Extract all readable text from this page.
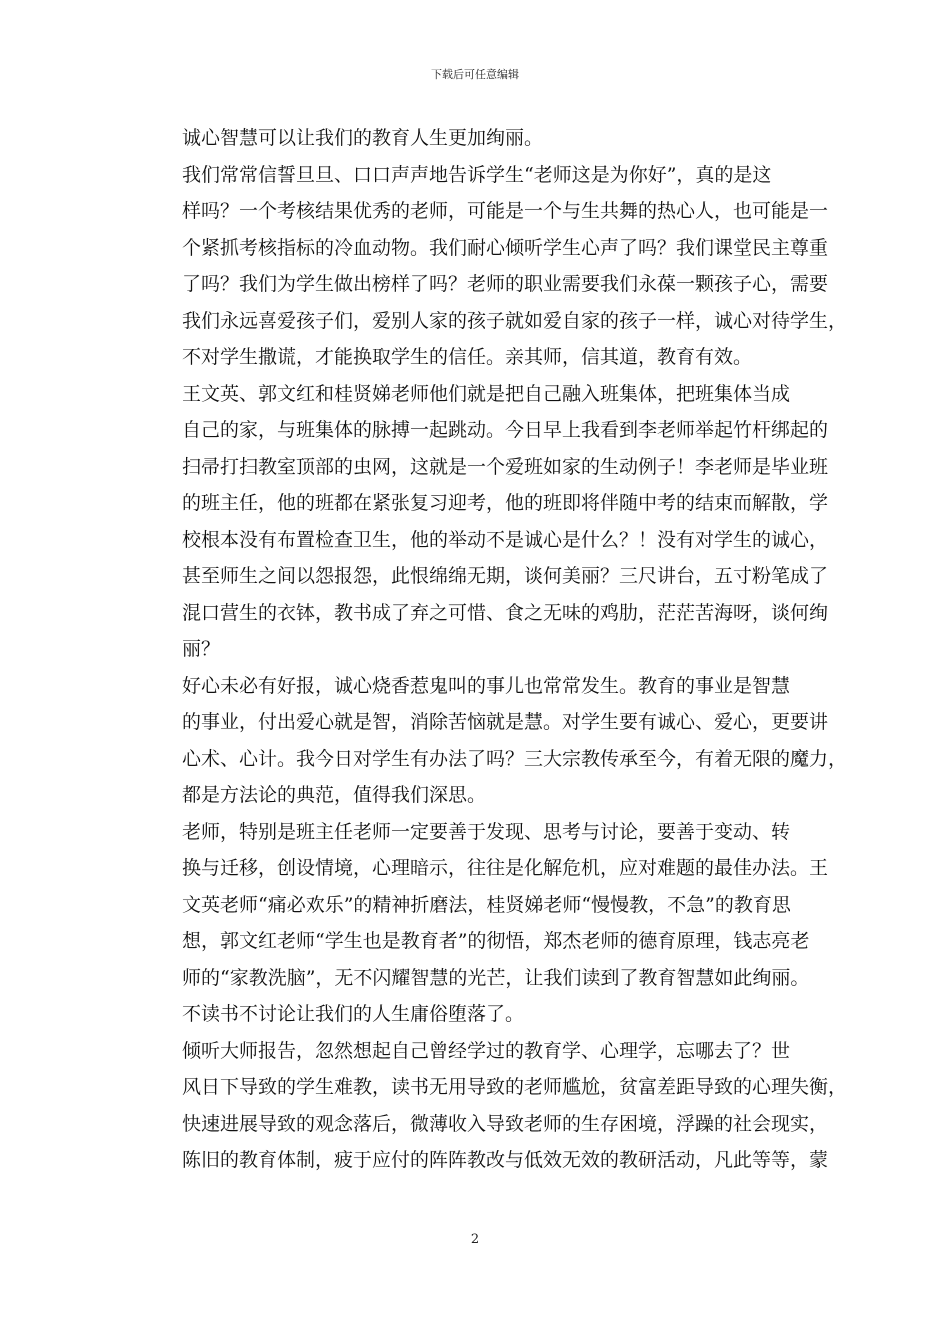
下载后可任意编辑

诚心智慧可以让我们的教育人生更加绚丽。

我们常常信誓旦旦、口口声声地告诉学生“老师这是为你好”，真的是这
样吗？一个考核结果优秀的老师，可能是一个与生共舞的热心人，也可能是一
个紧抓考核指标的冷血动物。我们耐心倾听学生心声了吗？我们课堂民主尊重
了吗？我们为学生做出榜样了吗？老师的职业需要我们永葆一颗孩子心，需要
我们永远喜爱孩子们，爱别人家的孩子就如爱自家的孩子一样，诚心对待学生，
不对学生撒谎，才能换取学生的信任。亲其师，信其道，教育有效。

王文英、郭文红和桂贤娣老师他们就是把自己融入班集体，把班集体当成
自己的家，与班集体的脉搏一起跳动。今日早上我看到李老师举起竹杆绑起的
扫帚打扫教室顶部的虫网，这就是一个爱班如家的生动例子！李老师是毕业班
的班主任，他的班都在紧张复习迎考，他的班即将伴随中考的结束而解散，学
校根本没有布置检查卫生，他的举动不是诚心是什么？！没有对学生的诚心，
甚至师生之间以怨报怨，此恨绵绵无期，谈何美丽？三尺讲台，五寸粉笔成了
混口营生的衣钵，教书成了弃之可惜、食之无味的鸡肋，茫茫苦海呀，谈何绚
丽？

好心未必有好报，诚心烧香惹鬼叫的事儿也常常发生。教育的事业是智慧
的事业，付出爱心就是智，消除苦恼就是慧。对学生要有诚心、爱心，更要讲
心术、心计。我今日对学生有办法了吗？三大宗教传承至今，有着无限的魔力，
都是方法论的典范，值得我们深思。

老师，特别是班主任老师一定要善于发现、思考与讨论，要善于变动、转
换与迁移，创设情境，心理暗示，往往是化解危机，应对难题的最佳办法。王
文英老师“痛必欢乐”的精神折磨法，桂贤娣老师“慢慢教，不急”的教育思
想，郭文红老师“学生也是教育者”的彻悟，郑杰老师的德育原理，钱志亮老
师的“家教洗脑”，无不闪耀智慧的光芒，让我们读到了教育智慧如此绚丽。

不读书不讨论让我们的人生庸俗堕落了。

倾听大师报告，忽然想起自己曾经学过的教育学、心理学，忘哪去了？世
风日下导致的学生难教，读书无用导致的老师尴尬，贫富差距导致的心理失衡，
快速进展导致的观念落后，微薄收入导致老师的生存困境，浮躁的社会现实，
陈旧的教育体制，疲于应付的阵阵教改与低效无效的教研活动，凡此等等，蒙

2
